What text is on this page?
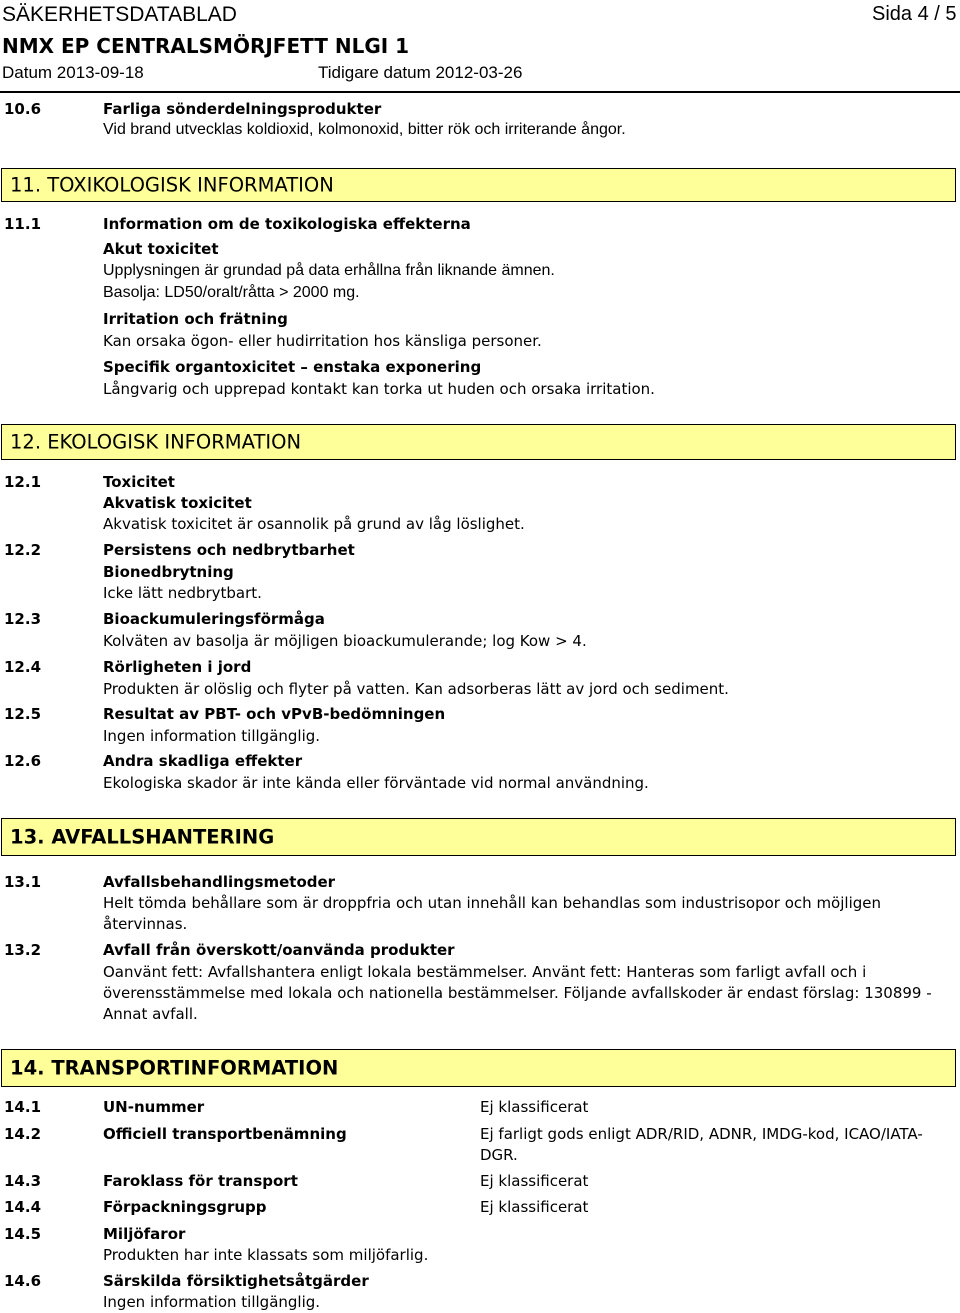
SÄKERHETSDATABLAD	Sida 4 / 5
NMX EP CENTRALSMÖRJFETT NLGI 1
Datum 2013-09-18	Tidigare datum 2012-03-26
10.6	Farliga sönderdelningsprodukter
Vid brand utvecklas koldioxid, kolmonoxid, bitter rök och irriterande ångor.
11. TOXIKOLOGISK INFORMATION
11.1	Information om de toxikologiska effekterna
Akut toxicitet
Upplysningen är grundad på data erhållna från liknande ämnen.
Basolja: LD50/oralt/råtta > 2000 mg.
Irritation och frätning
Kan orsaka ögon- eller hudirritation hos känsliga personer.
Specifik organtoxicitet – enstaka exponering
Långvarig och upprepad kontakt kan torka ut huden och orsaka irritation.
12. EKOLOGISK INFORMATION
12.1	Toxicitet
Akvatisk toxicitet
Akvatisk toxicitet är osannolik på grund av låg löslighet.
12.2	Persistens och nedbrytbarhet
Bionedbrytning
Icke lätt nedbrytbart.
12.3	Bioackumuleringsförmåga
Kolväten av basolja är möjligen bioackumulerande; log Kow > 4.
12.4	Rörligheten i jord
Produkten är olöslig och flyter på vatten. Kan adsorberas lätt av jord och sediment.
12.5	Resultat av PBT- och vPvB-bedömningen
Ingen information tillgänglig.
12.6	Andra skadliga effekter
Ekologiska skador är inte kända eller förväntade vid normal användning.
13. AVFALLSHANTERING
13.1	Avfallsbehandlingsmetoder
Helt tömda behållare som är droppfria och utan innehåll kan behandlas som industrisopor och möjligen
återvinnas.
13.2	Avfall från överskott/oanvända produkter
Oanvänt fett: Avfallshantera enligt lokala bestämmelser. Använt fett: Hanteras som farligt avfall och i
överensstämmelse med lokala och nationella bestämmelser. Följande avfallskoder är endast förslag: 130899 -
Annat avfall.
14. TRANSPORTINFORMATION
14.1	UN-nummer	Ej klassificerat
14.2	Officiell transportbenämning	Ej farligt gods enligt ADR/RID, ADNR, IMDG-kod, ICAO/IATA-
DGR.
14.3	Faroklass för transport	Ej klassificerat
14.4	Förpackningsgrupp	Ej klassificerat
14.5	Miljöfaror
Produkten har inte klassats som miljöfarlig.
14.6	Särskilda försiktighetsåtgärder
Ingen information tillgänglig.
